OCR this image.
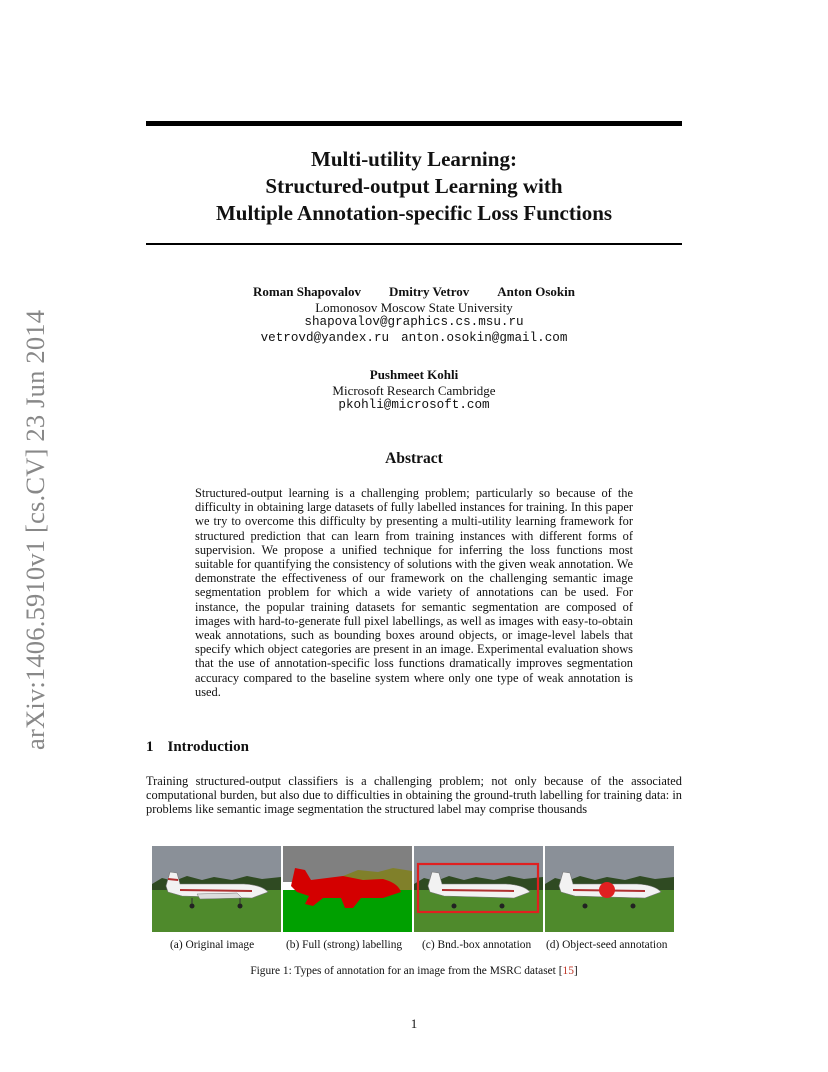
Multi-utility Learning:
Structured-output Learning with
Multiple Annotation-specific Loss Functions
arXiv:1406.5910v1 [cs.CV] 23 Jun 2014
Roman Shapovalov Dmitry Vetrov Anton Osokin
Lomonosov Moscow State University
shapovalov@graphics.cs.msu.ru
vetrovd@yandex.ru anton.osokin@gmail.com
Pushmeet Kohli
Microsoft Research Cambridge
pkohli@microsoft.com
Abstract
Structured-output learning is a challenging problem; particularly so because of the difficulty in obtaining large datasets of fully labelled instances for training. In this paper we try to overcome this difficulty by presenting a multi-utility learning framework for structured prediction that can learn from training instances with different forms of supervision. We propose a unified technique for inferring the loss functions most suitable for quantifying the consistency of solutions with the given weak annotation. We demonstrate the effectiveness of our framework on the challenging semantic image segmentation problem for which a wide variety of annotations can be used. For instance, the popular training datasets for semantic segmentation are composed of images with hard-to-generate full pixel labellings, as well as images with easy-to-obtain weak annotations, such as bounding boxes around objects, or image-level labels that specify which object categories are present in an image. Experimental evaluation shows that the use of annotation-specific loss functions dramatically improves segmentation accuracy compared to the baseline system where only one type of weak annotation is used.
1 Introduction
Training structured-output classifiers is a challenging problem; not only because of the associated computational burden, but also due to difficulties in obtaining the ground-truth labelling for training data: in problems like semantic image segmentation the structured label may comprise thousands
(a) Original image	(b) Full (strong) labelling (c) Bnd.-box annotation (d) Object-seed annotation
Figure 1: Types of annotation for an image from the MSRC dataset [15]
1
